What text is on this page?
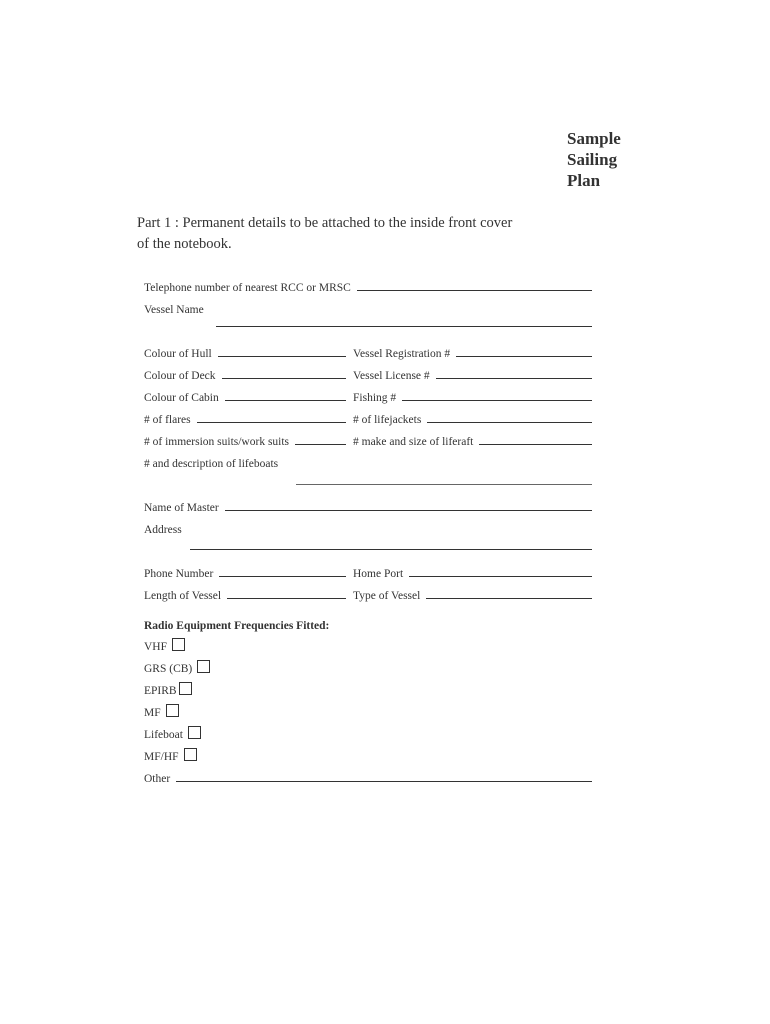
Sample
Sailing
Plan
Part 1 : Permanent details to be attached to the inside front cover
of the notebook.
Telephone number of nearest RCC or MRSC
Vessel Name
Colour of Hull	Vessel Registration #
Colour of Deck	Vessel License #
Colour of Cabin	Fishing #
# of flares	# of lifejackets
# of immersion suits/work suits	# make and size of liferaft
# and description of lifeboats
Name of Master
Address
Phone Number	Home Port
Length of Vessel	Type of Vessel
Radio Equipment Frequencies Fitted:
VHF
GRS (CB)
EPIRB
MF
Lifeboat
MF/HF
Other
